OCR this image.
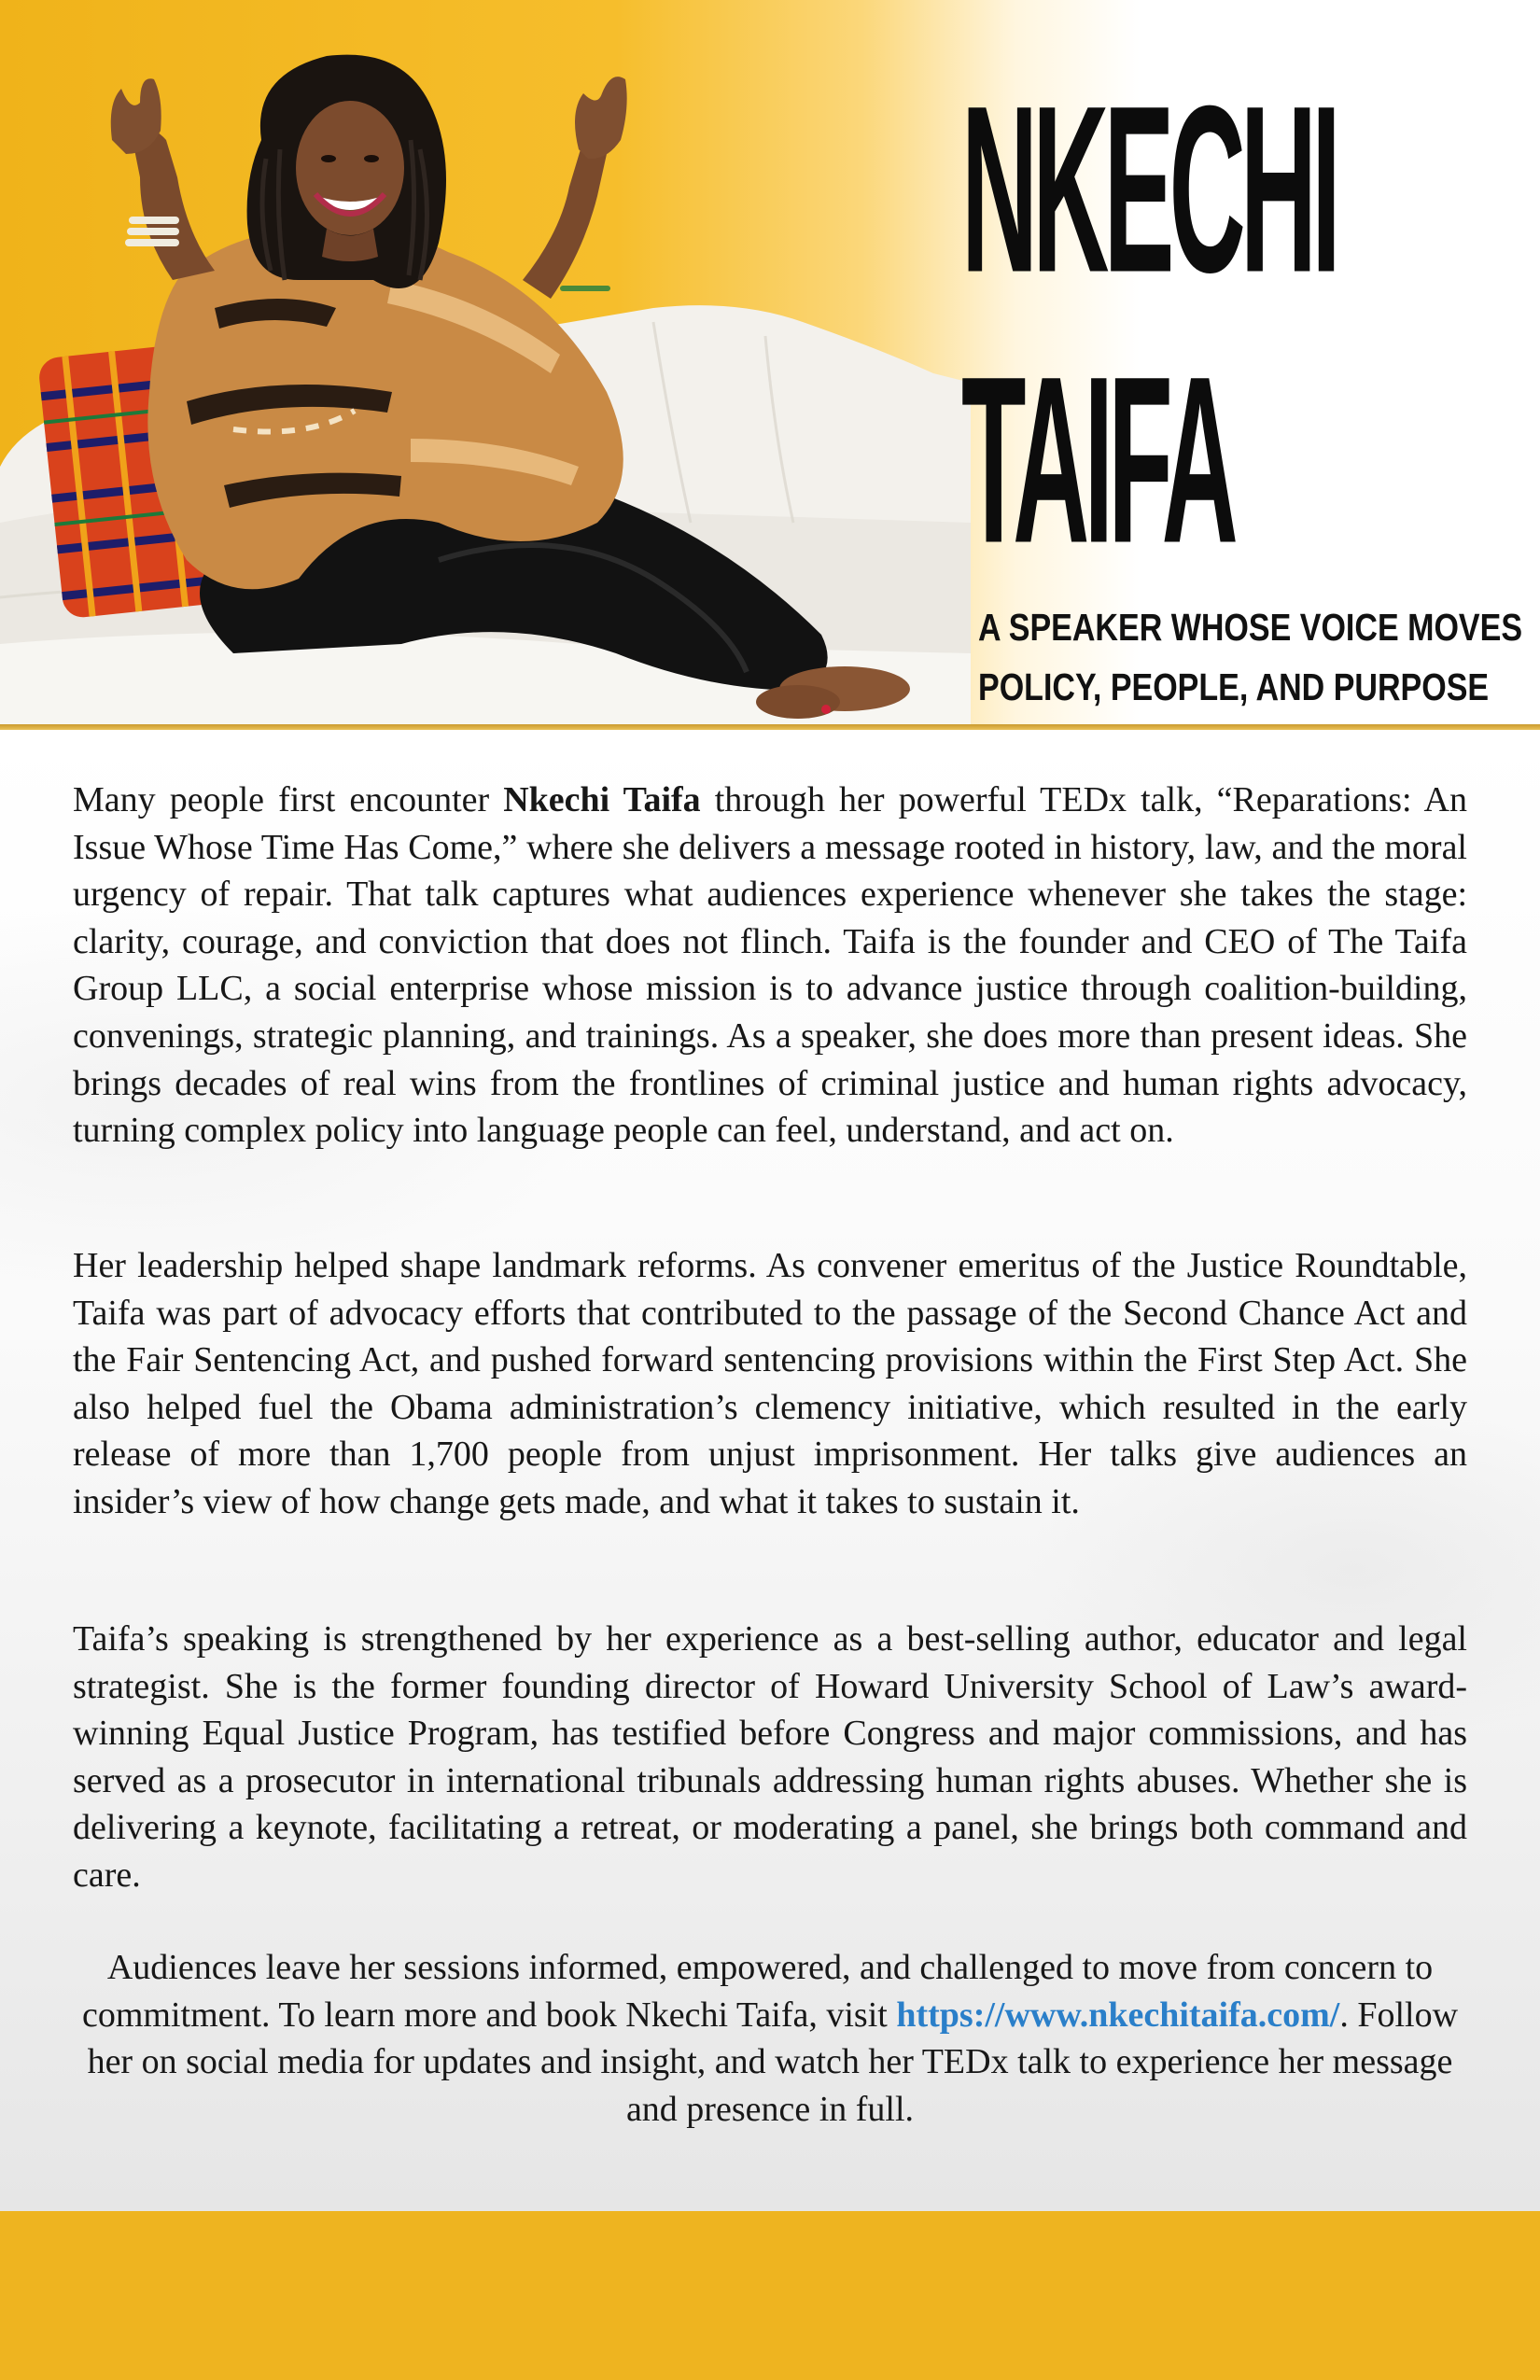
NKECHI
TAIFA
A SPEAKER WHOSE VOICE MOVES
POLICY, PEOPLE, AND PURPOSE

Many people first encounter Nkechi Taifa through her powerful TEDx talk, “Reparations: An Issue Whose Time Has Come,” where she delivers a message rooted in history, law, and the moral urgency of repair. That talk captures what audiences experience whenever she takes the stage: clarity, courage, and conviction that does not flinch. Taifa is the founder and CEO of The Taifa Group LLC, a social enterprise whose mission is to advance justice through coalition-building, convenings, strategic planning, and trainings. As a speaker, she does more than present ideas. She brings decades of real wins from the frontlines of criminal justice and human rights advocacy, turning complex policy into language people can feel, understand, and act on.

Her leadership helped shape landmark reforms. As convener emeritus of the Justice Roundtable, Taifa was part of advocacy efforts that contributed to the passage of the Second Chance Act and the Fair Sentencing Act, and pushed forward sentencing provisions within the First Step Act. She also helped fuel the Obama administration’s clemency initiative, which resulted in the early release of more than 1,700 people from unjust imprisonment. Her talks give audiences an insider’s view of how change gets made, and what it takes to sustain it.

Taifa’s speaking is strengthened by her experience as a best-selling author, educator and legal strategist. She is the former founding director of Howard University School of Law’s award-winning Equal Justice Program, has testified before Congress and major commissions, and has served as a prosecutor in international tribunals addressing human rights abuses. Whether she is delivering a keynote, facilitating a retreat, or moderating a panel, she brings both command and care.

Audiences leave her sessions informed, empowered, and challenged to move from concern to commitment. To learn more and book Nkechi Taifa, visit https://www.nkechitaifa.com/. Follow her on social media for updates and insight, and watch her TEDx talk to experience her message and presence in full.
